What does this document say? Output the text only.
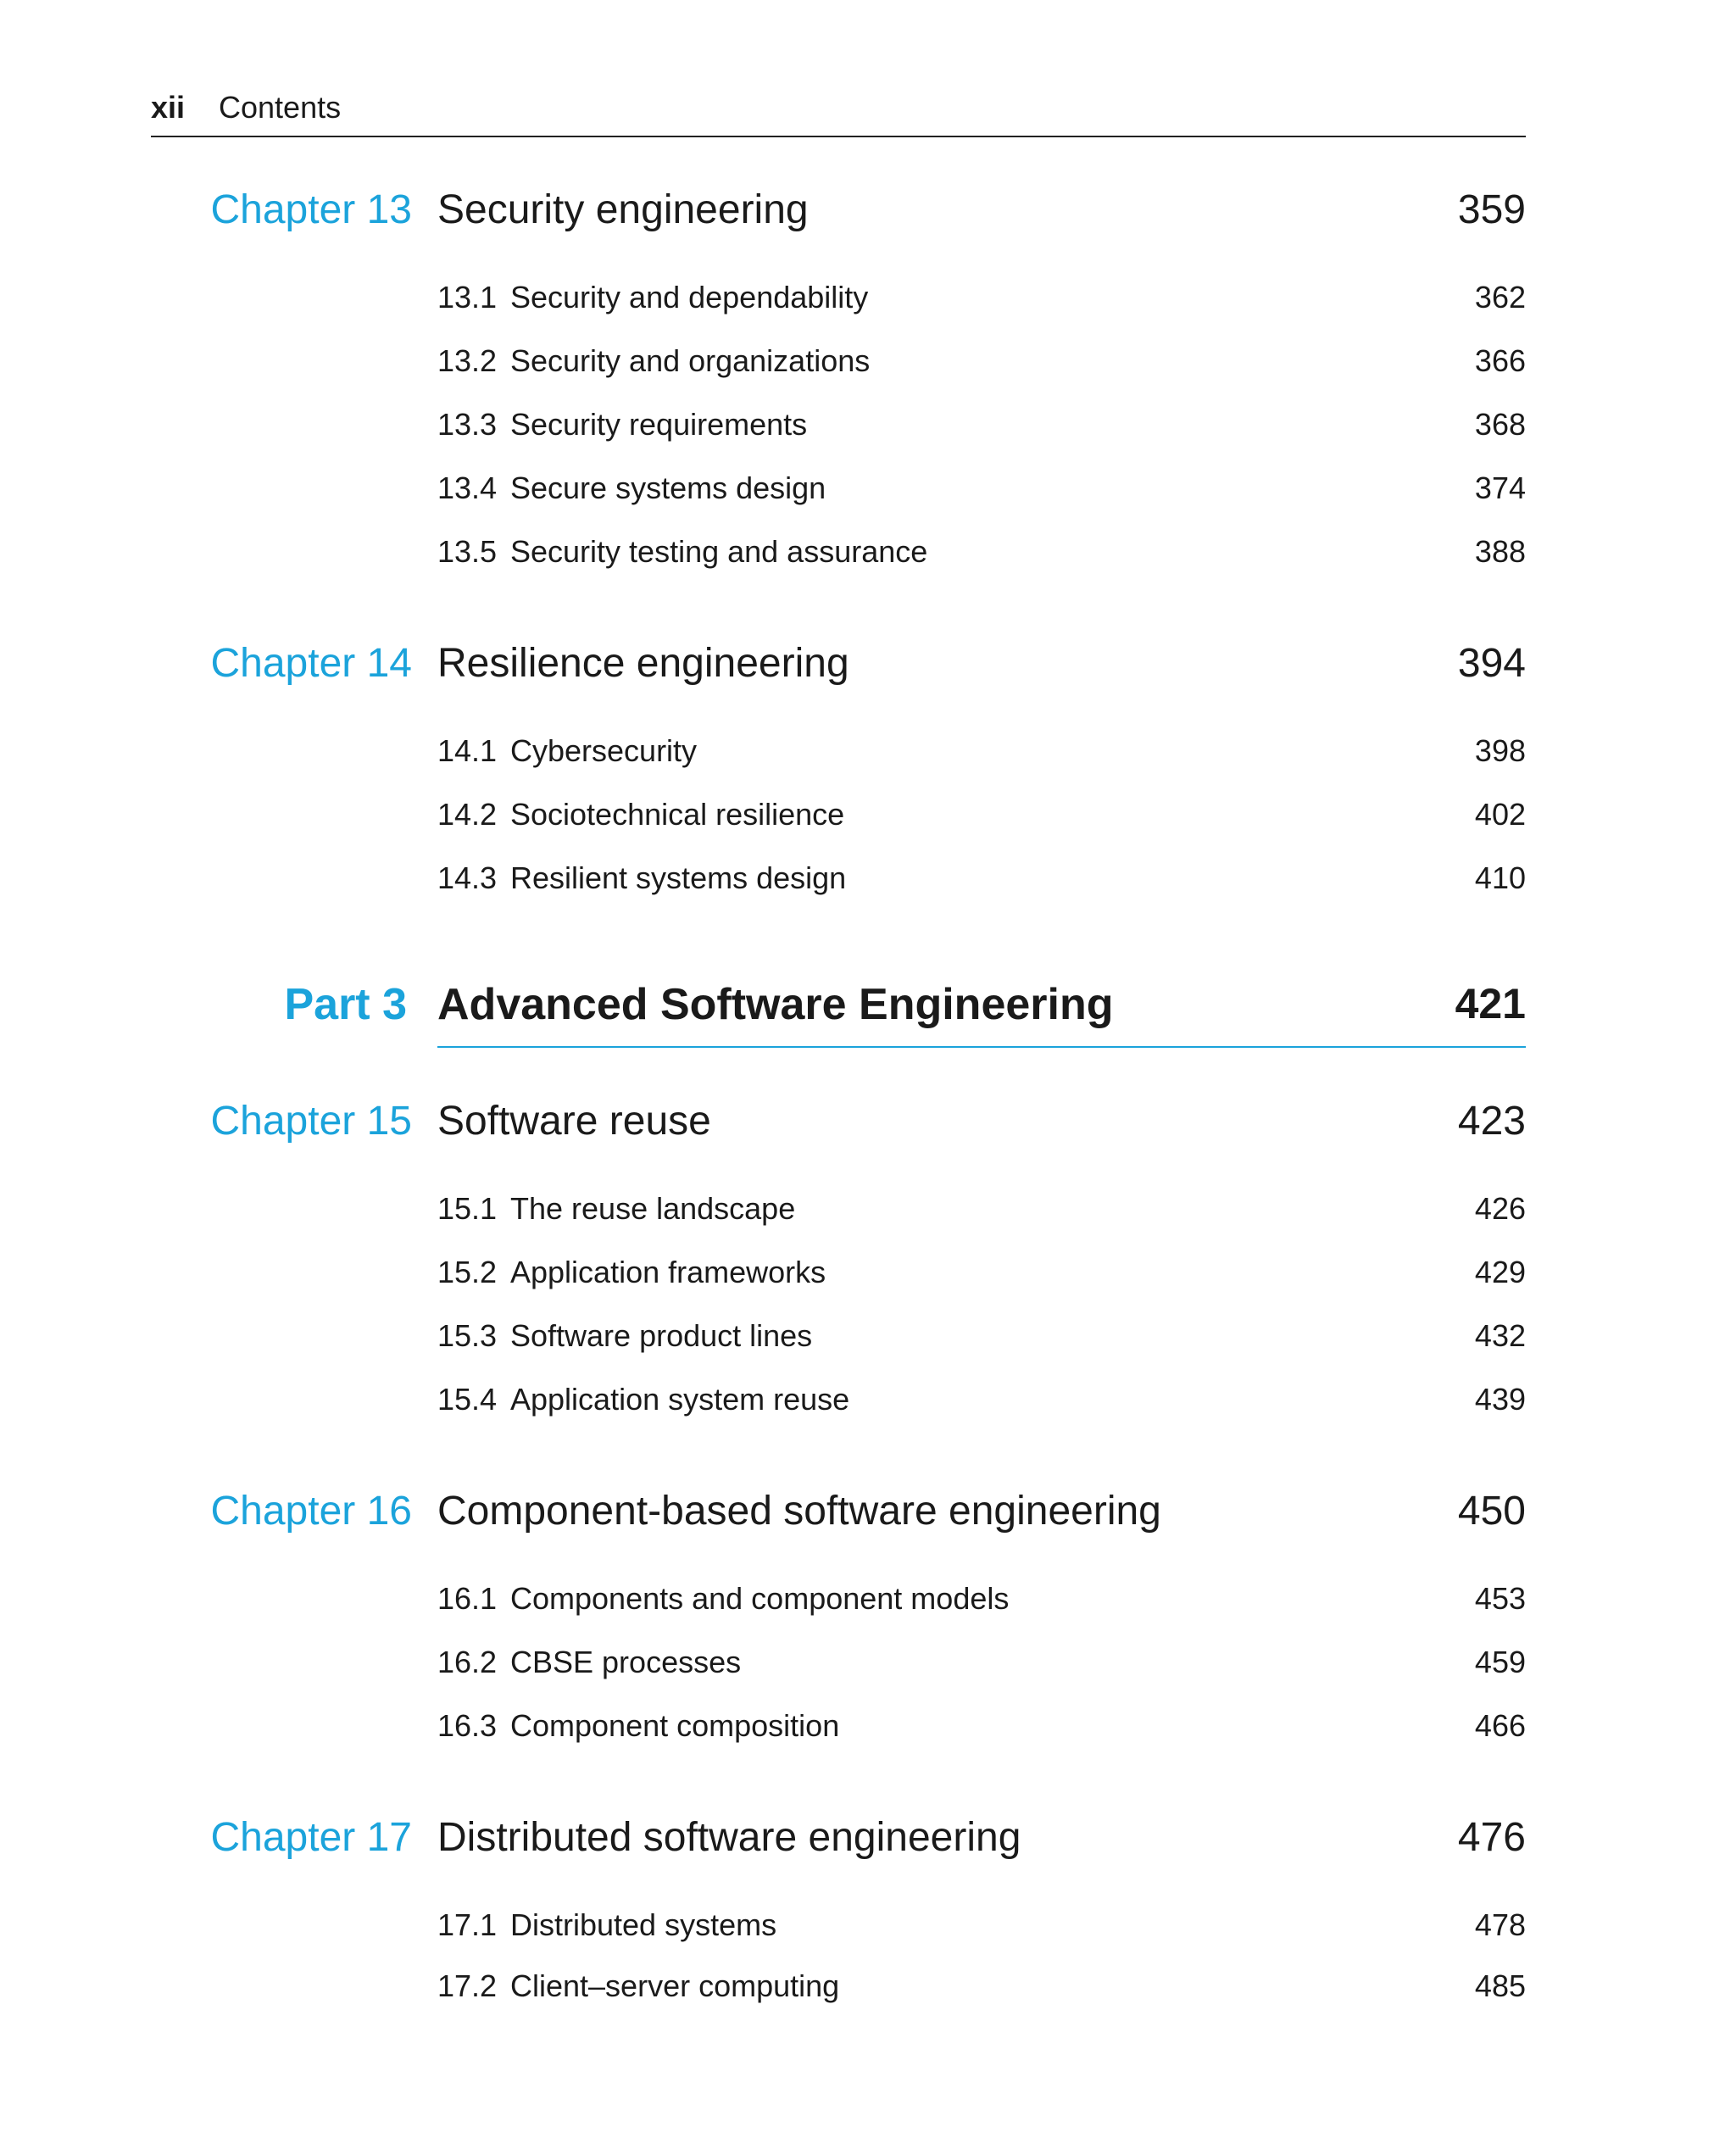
xii Contents
Chapter 13 Security engineering	359
13.1 Security and dependability	362
13.2 Security and organizations	366
13.3 Security requirements	368
13.4 Secure systems design	374
13.5 Security testing and assurance	388
Chapter 14 Resilience engineering	394
14.1 Cybersecurity	398
14.2 Sociotechnical resilience	402
14.3 Resilient systems design	410
Part 3 Advanced Software Engineering	421
Chapter 15 Software reuse	423
15.1 The reuse landscape	426
15.2 Application frameworks	429
15.3 Software product lines	432
15.4 Application system reuse	439
Chapter 16 Component-based software engineering	450
16.1 Components and component models	453
16.2 CBSE processes	459
16.3 Component composition	466
Chapter 17 Distributed software engineering	476
17.1 Distributed systems	478
17.2 Client–server computing	485
